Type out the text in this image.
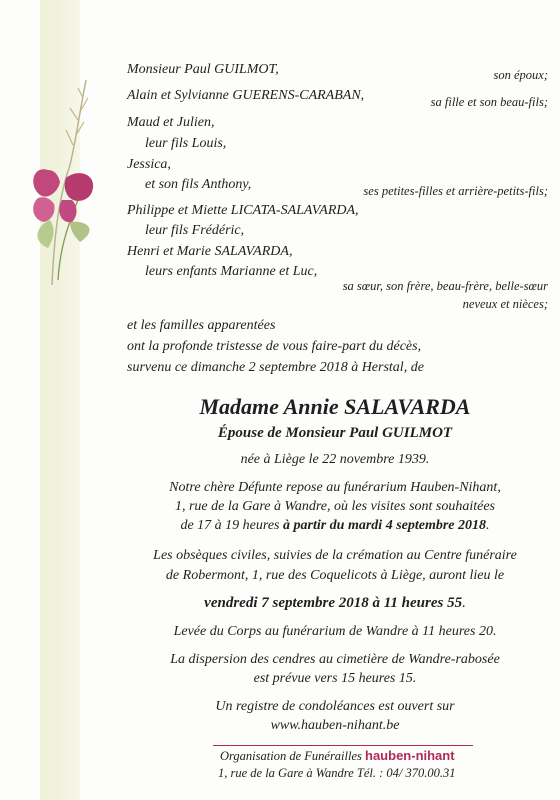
Monsieur Paul GUILMOT,	son époux;
Alain et Sylvianne GUERENS-CARABAN,	sa fille et son beau-fils;
Maud et Julien,
leur fils Louis,
Jessica,
et son fils Anthony,	ses petites-filles et arrière-petits-fils;
Philippe et Miette LICATA-SALAVARDA,
leur fils Frédéric,
Henri et Marie SALAVARDA,
leurs enfants Marianne et Luc,
sa sœur, son frère, beau-frère, belle-sœur
neveux et nièces;
et les familles apparentées
ont la profonde tristesse de vous faire-part du décès,
survenu ce dimanche 2 septembre 2018 à Herstal, de
Madame Annie SALAVARDA
Épouse de Monsieur Paul GUILMOT
née à Liège le 22 novembre 1939.
Notre chère Défunte repose au funérarium Hauben-Nihant,
1, rue de la Gare à Wandre, où les visites sont souhaitées
de 17 à 19 heures à partir du mardi 4 septembre 2018.
Les obsèques civiles, suivies de la crémation au Centre funéraire
de Robermont, 1, rue des Coquelicots à Liège, auront lieu le
vendredi 7 septembre 2018 à 11 heures 55.
Levée du Corps au funérarium de Wandre à 11 heures 20.
La dispersion des cendres au cimetière de Wandre-rabosée
est prévue vers 15 heures 15.
Un registre de condoléances est ouvert sur
www.hauben-nihant.be
Organisation de Funérailles hauben-nihant
1, rue de la Gare à Wandre Tél. : 04/ 370.00.31
